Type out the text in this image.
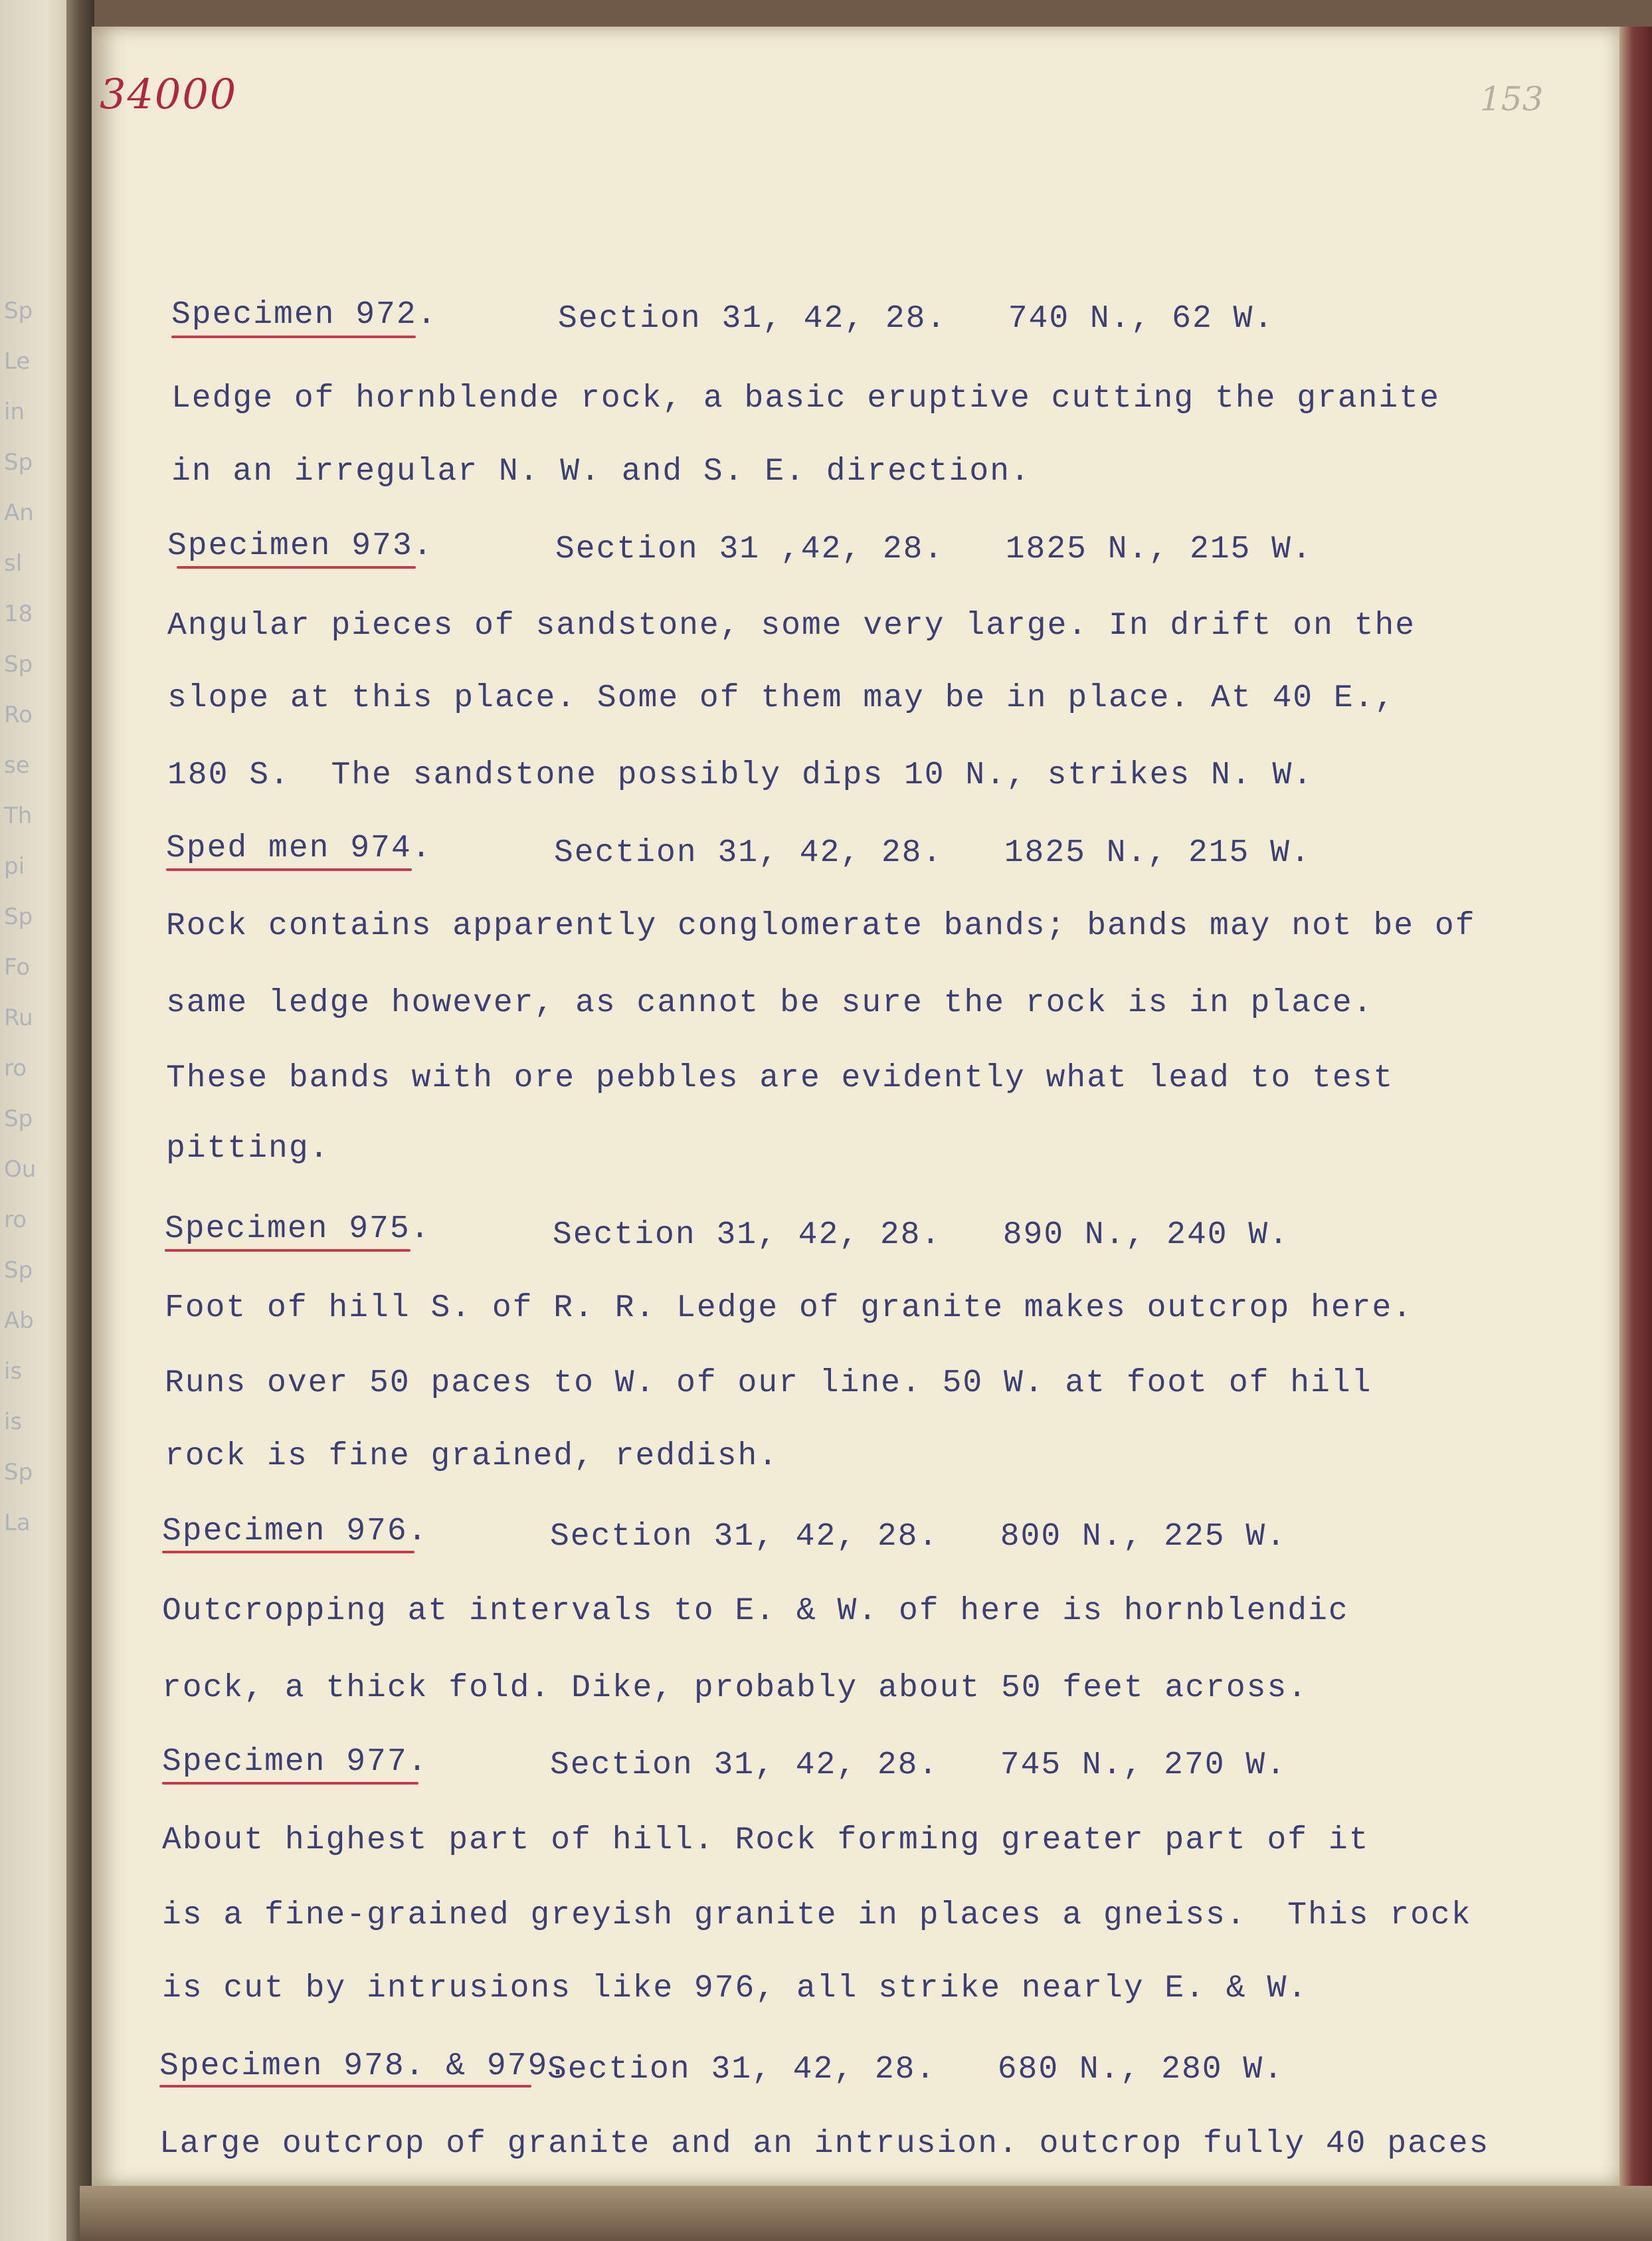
Sp
Le
in
Sp
An
sl
18
Sp
Ro
se
Th
pi
Sp
Fo
Ru
ro
Sp
Ou
ro
Sp
Ab
is
is
Sp
La
34000	153
Specimen 972.	Section 31, 42, 28.   740 N., 62 W.
Ledge of hornblende rock, a basic eruptive cutting the granite
in an irregular N. W. and S. E. direction.
Specimen 973.	Section 31 ,42, 28.   1825 N., 215 W.
Angular pieces of sandstone, some very large. In drift on the
slope at this place. Some of them may be in place. At 40 E.,
180 S.  The sandstone possibly dips 10 N., strikes N. W.
Sped men 974.	Section 31, 42, 28.   1825 N., 215 W.
Rock contains apparently conglomerate bands; bands may not be of
same ledge however, as cannot be sure the rock is in place.
These bands with ore pebbles are evidently what lead to test
pitting.
Specimen 975.	Section 31, 42, 28.   890 N., 240 W.
Foot of hill S. of R. R. Ledge of granite makes outcrop here.
Runs over 50 paces to W. of our line. 50 W. at foot of hill
rock is fine grained, reddish.
Specimen 976.	Section 31, 42, 28.   800 N., 225 W.
Outcropping at intervals to E. & W. of here is hornblendic
rock, a thick fold. Dike, probably about 50 feet across.
Specimen 977.	Section 31, 42, 28.   745 N., 270 W.
About highest part of hill. Rock forming greater part of it
is a fine-grained greyish granite in places a gneiss.  This rock
is cut by intrusions like 976, all strike nearly E. & W.
Specimen 978. & 979.
Section 31, 42, 28.   680 N., 280 W.
Large outcrop of granite and an intrusion. outcrop fully 40 paces
